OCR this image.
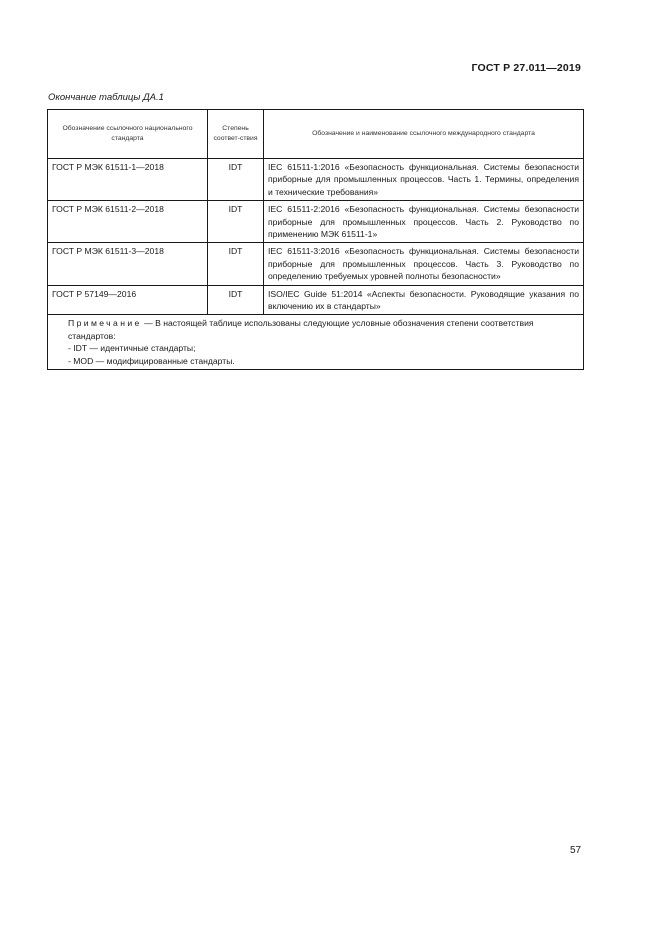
ГОСТ Р 27.011—2019
Окончание таблицы ДА.1
Обозначение ссылочного национального стандарта	Степень соответ-ствия	Обозначение и наименование ссылочного международного стандарта
ГОСТ Р МЭК 61511-1—2018	IDT	IEC 61511-1:2016 «Безопасность функциональная. Системы безопасности приборные для промышленных процессов. Часть 1. Термины, определения и технические требования»
ГОСТ Р МЭК 61511-2—2018	IDT	IEC 61511-2:2016 «Безопасность функциональная. Системы безопасности приборные для промышленных процессов. Часть 2. Руководство по применению МЭК 61511-1»
ГОСТ Р МЭК 61511-3—2018	IDT	IEC 61511-3:2016 «Безопасность функциональная. Системы безопасности приборные для промышленных процессов. Часть 3. Руководство по определению требуемых уровней полноты безопасности»
ГОСТ Р 57149—2016	IDT	ISO/IEC Guide 51:2014 «Аспекты безопасности. Руководящие указания по включению их в стандарты»

Примечание — В настоящей таблице использованы следующие условные обозначения степени соответствия стандартов:
- IDT — идентичные стандарты;
- MOD — модифицированные стандарты.		
57
